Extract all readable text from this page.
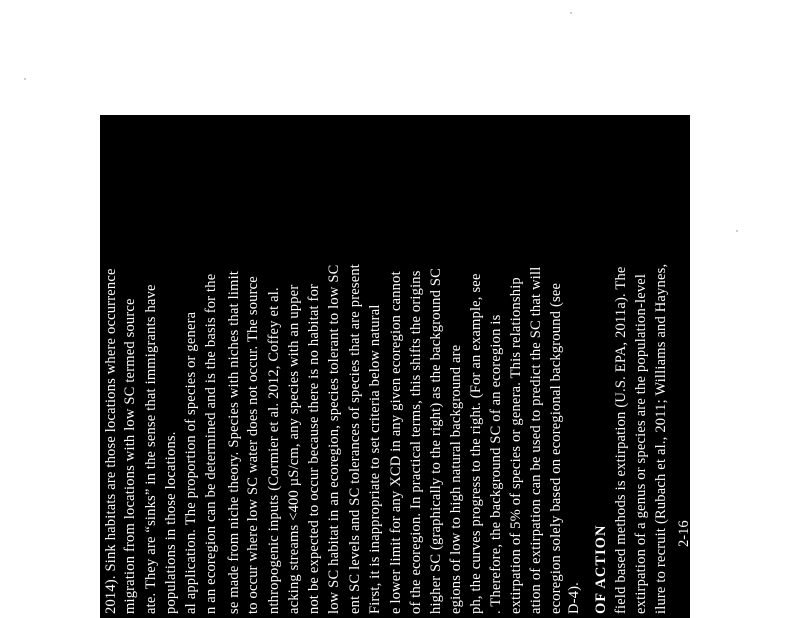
2014). Sink habitats are those locations where occurrence migration from locations with low SC termed source ate. They are “sinks” in the sense that immigrants have populations in those locations. al application. The proportion of species or genera n an ecoregion can be determined and is the basis for the se made from niche theory. Species with niches that limit to occur where low SC water does not occur. The source nthropogenic inputs (Cormier et al. 2012, Coffey et al. acking streams <400 µS/cm, any species with an upper not be expected to occur because there is no habitat for low SC habitat in an ecoregion, species tolerant to low SC ent SC levels and SC tolerances of species that are present First, it is inappropriate to set criteria below natural e lower limit for any XCD in any given ecoregion cannot of the ecoregion. In practical terms, this shifts the origins higher SC (graphically to the right) as the background SC egions of low to high natural background are ph, the curves progress to the right. (For an example, see . Therefore, the background SC of an ecoregion is extirpation of 5% of species or genera. This relationship ation of extirpation can be used to predict the SC that will ecoregion solely based on ecoregional background (see D-4). OF ACTION field based methods is extirpation (U.S. EPA, 2011a). The extirpation of a genus or species are the population-level ilure to recruit (Rubach et al., 2011; Williams and Haynes, 2-16
